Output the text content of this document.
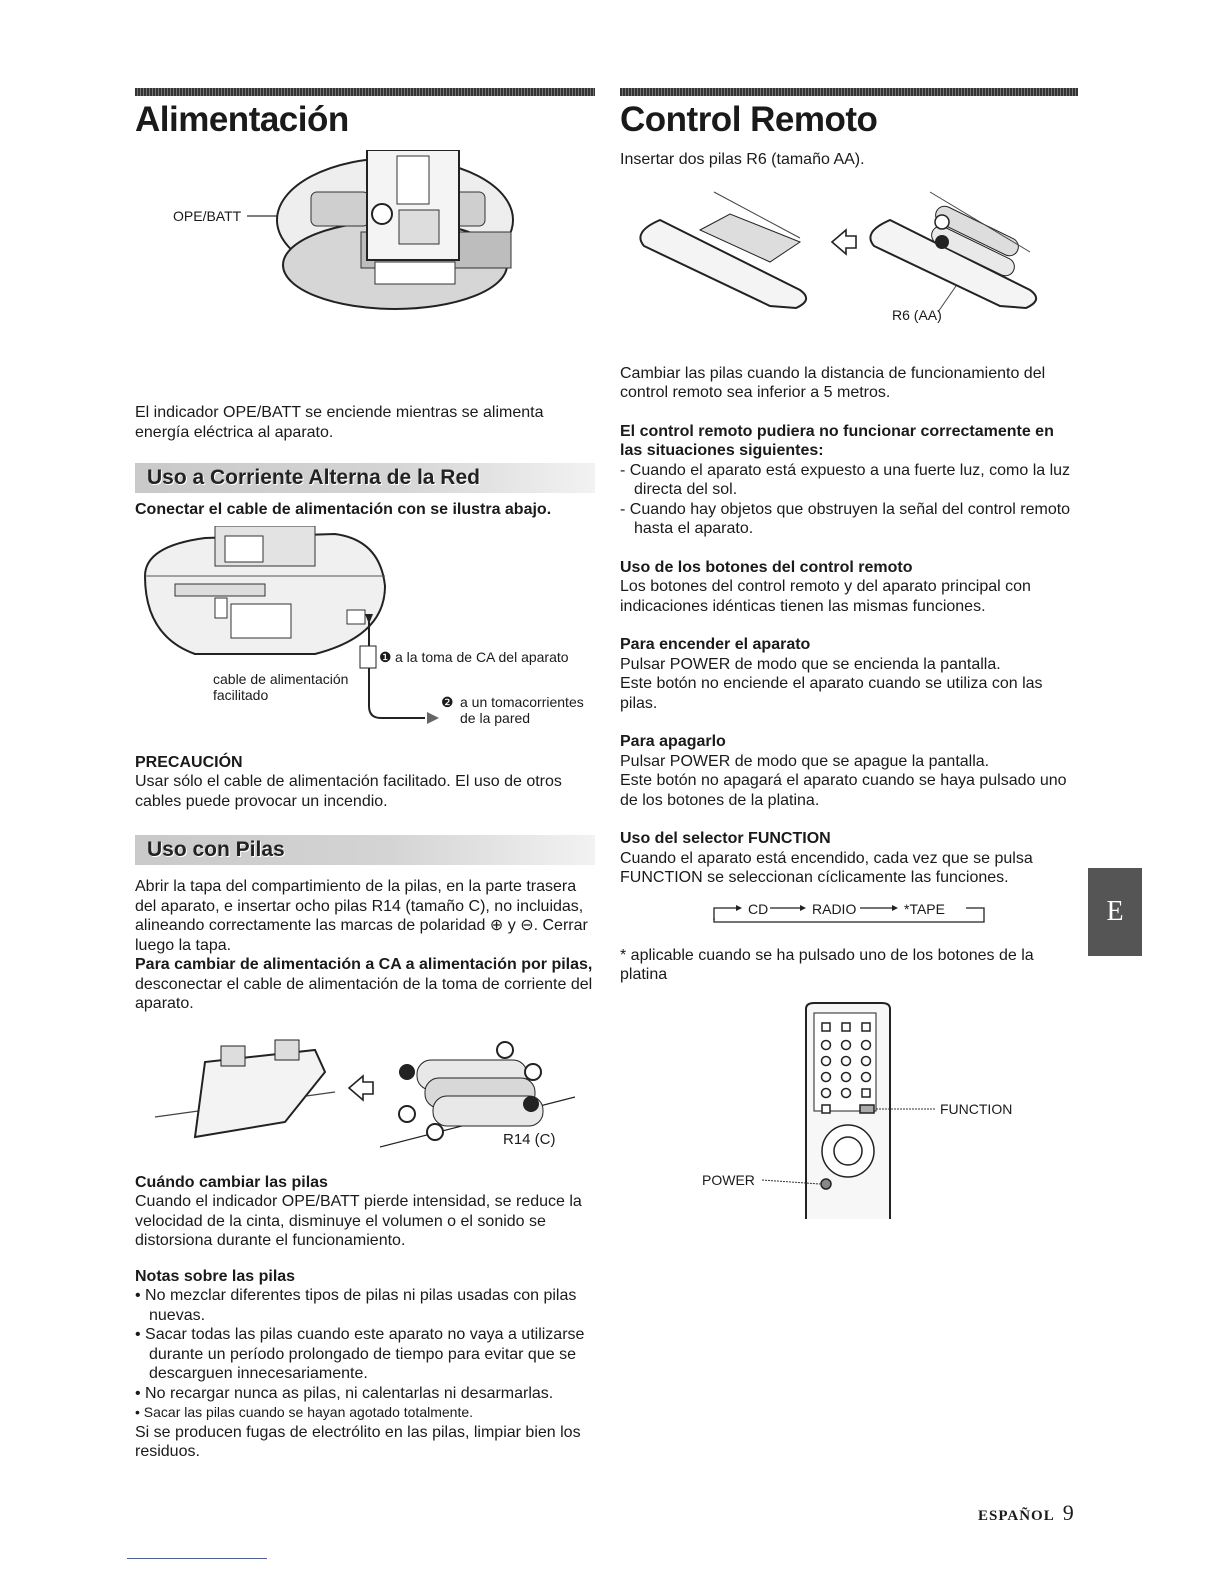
Alimentación
OPE/BATT

El indicador OPE/BATT se enciende mientras se alimenta energía eléctrica al aparato.

Uso a Corriente Alterna de la Red

Conectar el cable de alimentación con se ilustra abajo.

❶ a la toma de CA del aparato
cable de alimentación
facilitado	❷ a un tomacorrientes
de la pared

PRECAUCIÓN

Usar sólo el cable de alimentación facilitado. El uso de otros cables puede provocar un incendio.

Uso con Pilas

Abrir la tapa del compartimiento de la pilas, en la parte trasera del aparato, e insertar ocho pilas R14 (tamaño C), no incluidas, alineando correctamente las marcas de polaridad ⊕ y ⊖. Cerrar luego la tapa.

Para cambiar de alimentación a CA a alimentación por pilas, desconectar el cable de alimentación de la toma de corriente del aparato.

R14 (C)

Cuándo cambiar las pilas

Cuando el indicador OPE/BATT pierde intensidad, se reduce la velocidad de la cinta, disminuye el volumen o el sonido se distorsiona durante el funcionamiento.

Notas sobre las pilas

• No mezclar diferentes tipos de pilas ni pilas usadas con pilas nuevas.
• Sacar todas las pilas cuando este aparato no vaya a utilizarse durante un período prolongado de tiempo para evitar que se descarguen innecesariamente.
• No recargar nunca as pilas, ni calentarlas ni desarmarlas.
• Sacar las pilas cuando se hayan agotado totalmente.

Si se producen fugas de electrólito en las pilas, limpiar bien los residuos.

Control Remoto

Insertar dos pilas R6 (tamaño AA).

R6 (AA)

Cambiar las pilas cuando la distancia de funcionamiento del control remoto sea inferior a 5 metros.

El control remoto pudiera no funcionar correctamente en las situaciones siguientes:

- Cuando el aparato está expuesto a una fuerte luz, como la luz directa del sol.
- Cuando hay objetos que obstruyen la señal del control remoto hasta el aparato.

Uso de los botones del control remoto

Los botones del control remoto y del aparato principal con indicaciones idénticas tienen las mismas funciones.

Para encender el aparato

Pulsar POWER de modo que se encienda la pantalla.

Este botón no enciende el aparato cuando se utiliza con las pilas.

Para apagarlo

Pulsar POWER de modo que se apague la pantalla.

Este botón no apagará el aparato cuando se haya pulsado uno de los botones de la platina.

Uso del selector FUNCTION

Cuando el aparato está encendido, cada vez que se pulsa FUNCTION se seleccionan cíclicamente las funciones.

CD	RADIO	*TAPE

* aplicable cuando se ha pulsado uno de los botones de la platina

FUNCTION
POWER
E
ESPAÑOL 9
